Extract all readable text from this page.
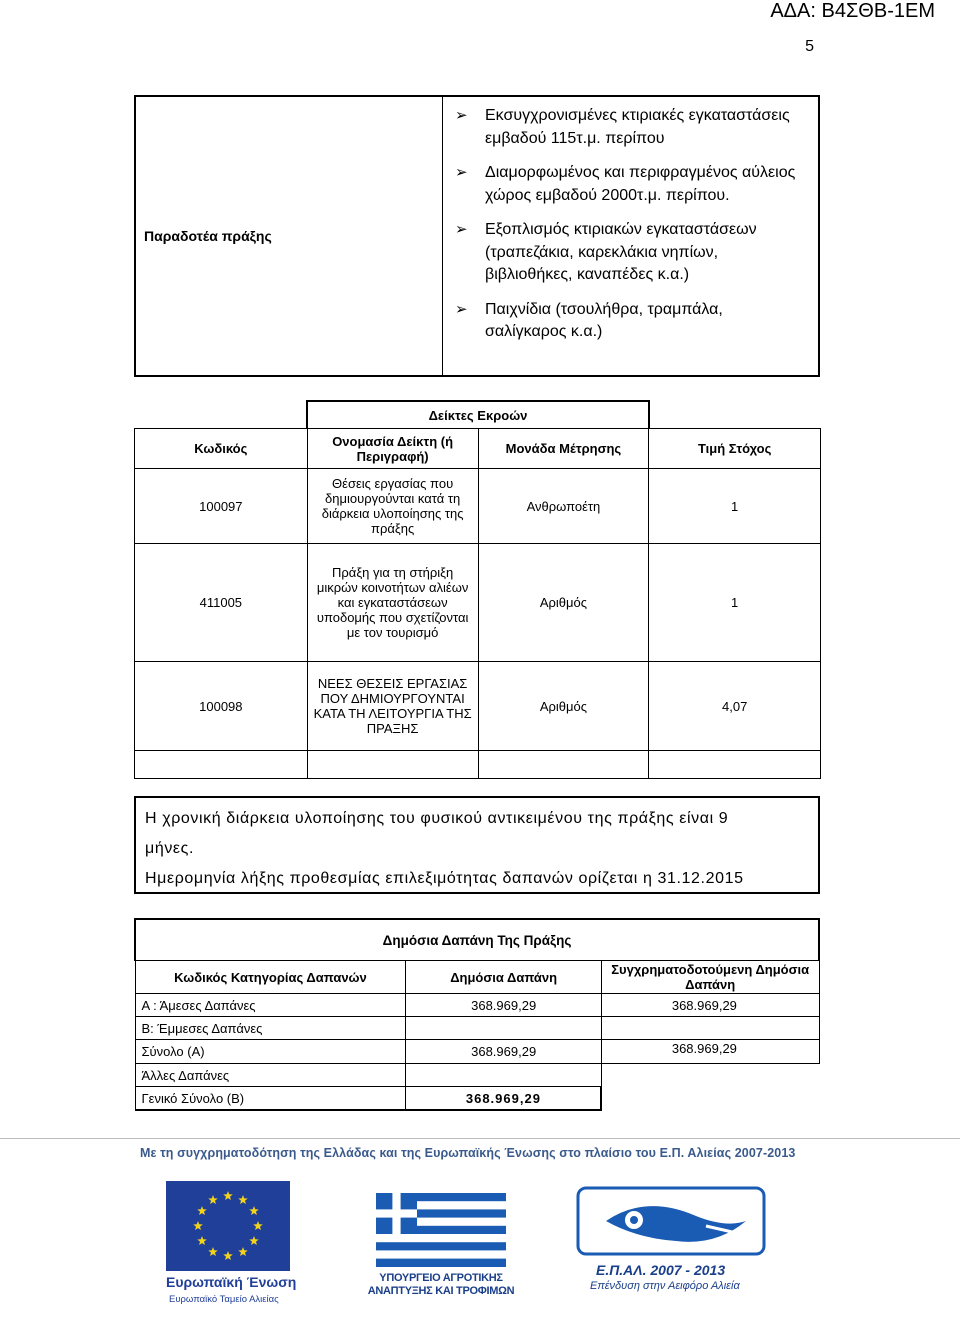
ΑΔΑ: Β4ΣΘΒ-1ΕΜ
5
Παραδοτέα πράξης
➢ Εκσυγχρονισμένες κτιριακές εγκαταστάσεις εμβαδού 115τ.μ. περίπου
➢ Διαμορφωμένος και περιφραγμένος αύλειος χώρος εμβαδού 2000τ.μ. περίπου.
➢ Εξοπλισμός κτιριακών εγκαταστάσεων (τραπεζάκια, καρεκλάκια νηπίων, βιβλιοθήκες, καναπέδες κ.α.)
➢ Παιχνίδια (τσουλήθρα, τραμπάλα, σαλίγκαρος κ.α.)
	Δείκτες Εκροών		
Κωδικός	Ονομασία Δείκτη (ή Περιγραφή)	Μονάδα Μέτρησης	Τιμή Στόχος
100097	Θέσεις εργασίας που δημιουργούνται κατά τη διάρκεια υλοποίησης της πράξης	Ανθρωποέτη	1
411005	Πράξη για τη στήριξη μικρών κοινοτήτων αλιέων και εγκαταστάσεων υποδομής που σχετίζονται με τον τουρισμό	Αριθμός	1
100098	ΝΕΕΣ ΘΕΣΕΙΣ ΕΡΓΑΣΙΑΣ ΠΟΥ ΔΗΜΙΟΥΡΓΟΥΝΤΑΙ ΚΑΤΑ ΤΗ ΛΕΙΤΟΥΡΓΙΑ ΤΗΣ ΠΡΑΞΗΣ	Αριθμός	4,07

Η χρονική διάρκεια υλοποίησης του φυσικού αντικειμένου της πράξης είναι 9

μήνες.

Ημερομηνία λήξης προθεσμίας επιλεξιμότητας δαπανών ορίζεται η 31.12.2015

Δημόσια Δαπάνη Της Πράξης		
Κωδικός Κατηγορίας Δαπανών	Δημόσια Δαπάνη	Συγχρηματοδοτούμενη Δημόσια Δαπάνη
Α : Άμεσες Δαπάνες	368.969,29	368.969,29
Β: Έμμεσες Δαπάνες		
Σύνολο (Α)	368.969,29	368.969,29
Άλλες Δαπάνες		
Γενικό Σύνολο (Β)	368.969,29	
Με τη συγχρηματοδότηση της Ελλάδας και της Ευρωπαϊκής Ένωσης στο πλαίσιο του Ε.Π. Αλιείας 2007-2013
Ευρωπαϊκή Ένωση
Ευρωπαϊκό Ταμείο Αλιείας
ΥΠΟΥΡΓΕΙΟ ΑΓΡΟΤΙΚΗΣ
ΑΝΑΠΤΥΞΗΣ ΚΑΙ ΤΡΟΦΙΜΩΝ
Ε.Π.ΑΛ. 2007 - 2013
Επένδυση στην Αειφόρο Αλιεία
